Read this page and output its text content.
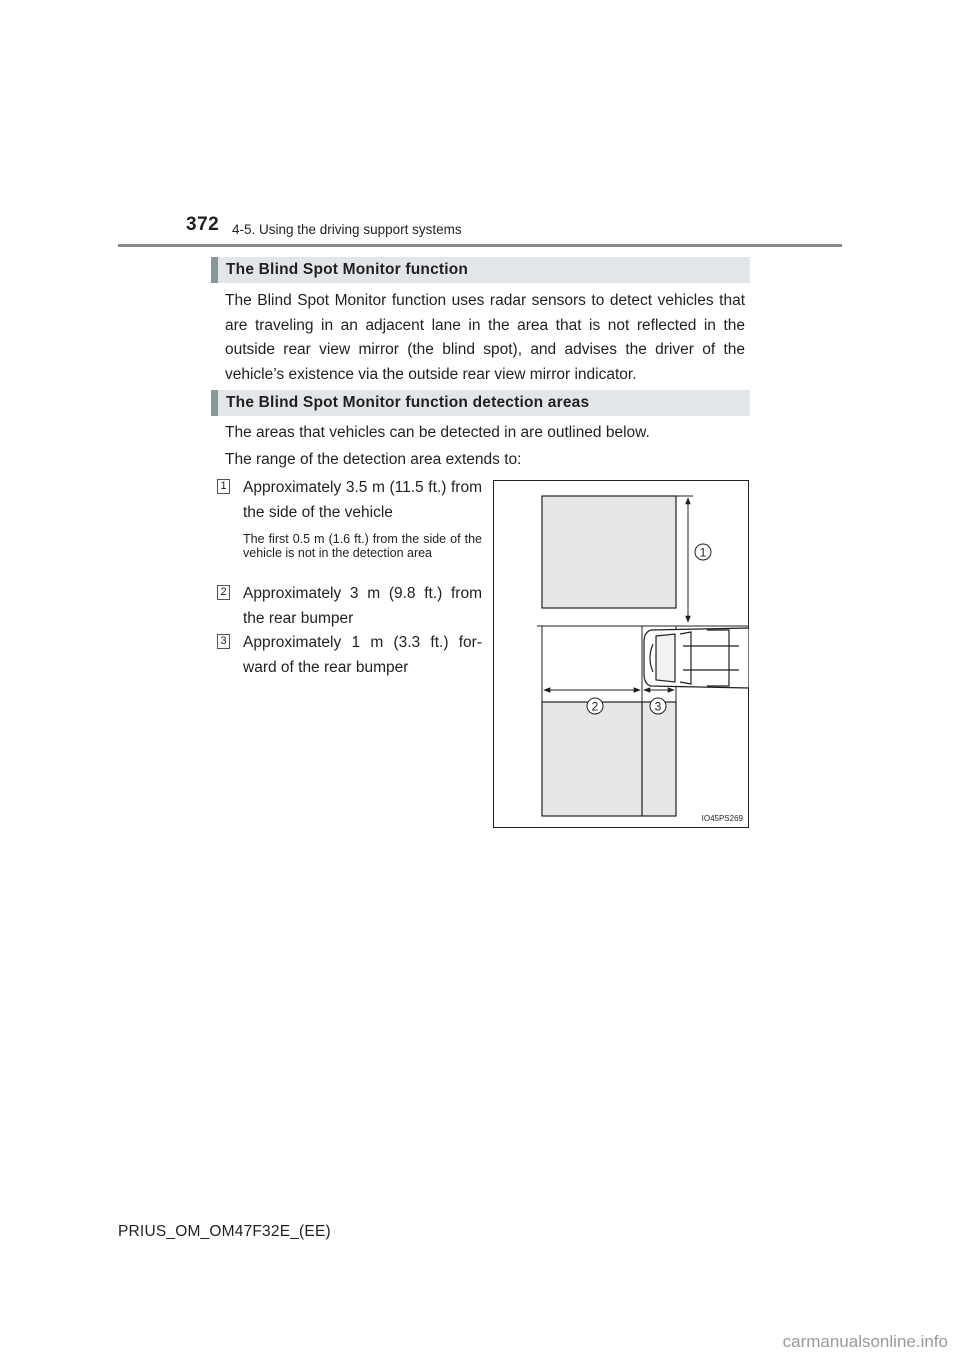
372 4-5. Using the driving support systems
The Blind Spot Monitor function
The Blind Spot Monitor function uses radar sensors to detect vehicles that are traveling in an adjacent lane in the area that is not reflected in the outside rear view mirror (the blind spot), and advises the driver of the vehicle’s existence via the outside rear view mirror indicator.
The Blind Spot Monitor function detection areas
The areas that vehicles can be detected in are outlined below.
The range of the detection area extends to:
1 Approximately 3.5 m (11.5 ft.) from the side of the vehicle
The first 0.5 m (1.6 ft.) from the side of the vehicle is not in the detection area
2 Approximately 3 m (9.8 ft.) from the rear bumper
3 Approximately 1 m (3.3 ft.) for-ward of the rear bumper
1
2	3
IO45PS269
PRIUS_OM_OM47F32E_(EE)
carmanualsonline.info
